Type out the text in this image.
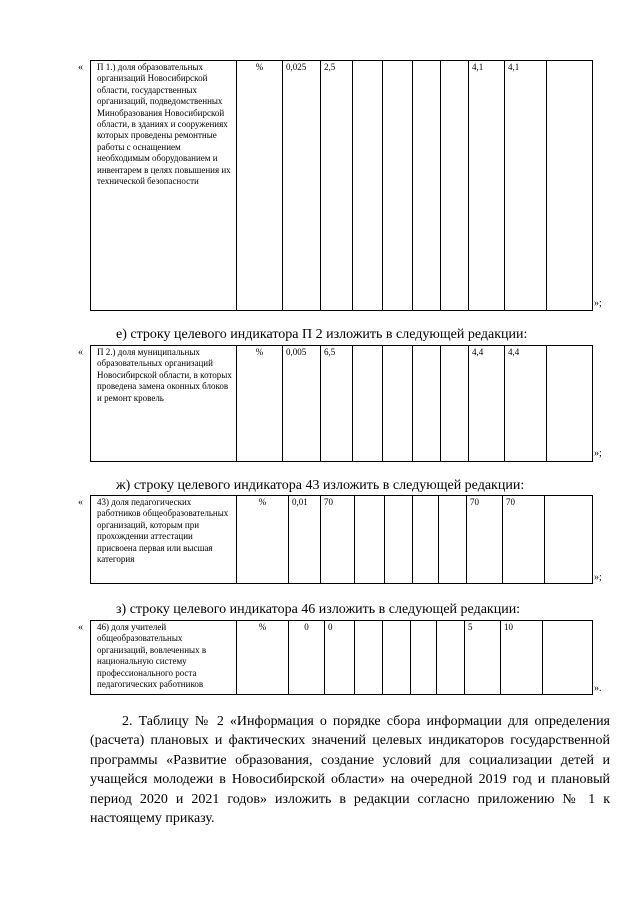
« П 1.) доля образовательных организаций Новосибирской области, государственных организаций, подведомственных Минобразования Новосибирской области, в зданиях и сооружениях которых проведены ремонтные работы с оснащением необходимым оборудованием и инвентарем в целях повышения их технической безопасности	%	0,025	2,5					4,1	4,1	
»;
е) строку целевого индикатора П 2 изложить в следующей редакции:
« П 2.) доля муниципальных образовательных организаций Новосибирской области, в которых проведена замена оконных блоков и ремонт кровель	%	0,005	6,5					4,4	4,4	
»;
ж) строку целевого индикатора 43 изложить в следующей редакции:
« 43) доля педагогических работников общеобразовательных организаций, которым при прохождении аттестации присвоена первая или высшая категория	%	0,01	70					70	70	
»;
з) строку целевого индикатора 46 изложить в следующей редакции:
« 46) доля учителей общеобразовательных организаций, вовлеченных в национальную систему профессионального роста педагогических работников	%	0	0					5	10	
».

2. Таблицу № 2 «Информация о порядке сбора информации для определения (расчета) плановых и фактических значений целевых индикаторов государственной программы «Развитие образования, создание условий для социализации детей и учащейся молодежи в Новосибирской области» на очередной 2019 год и плановый период 2020 и 2021 годов» изложить в редакции согласно приложению № 1 к настоящему приказу.
